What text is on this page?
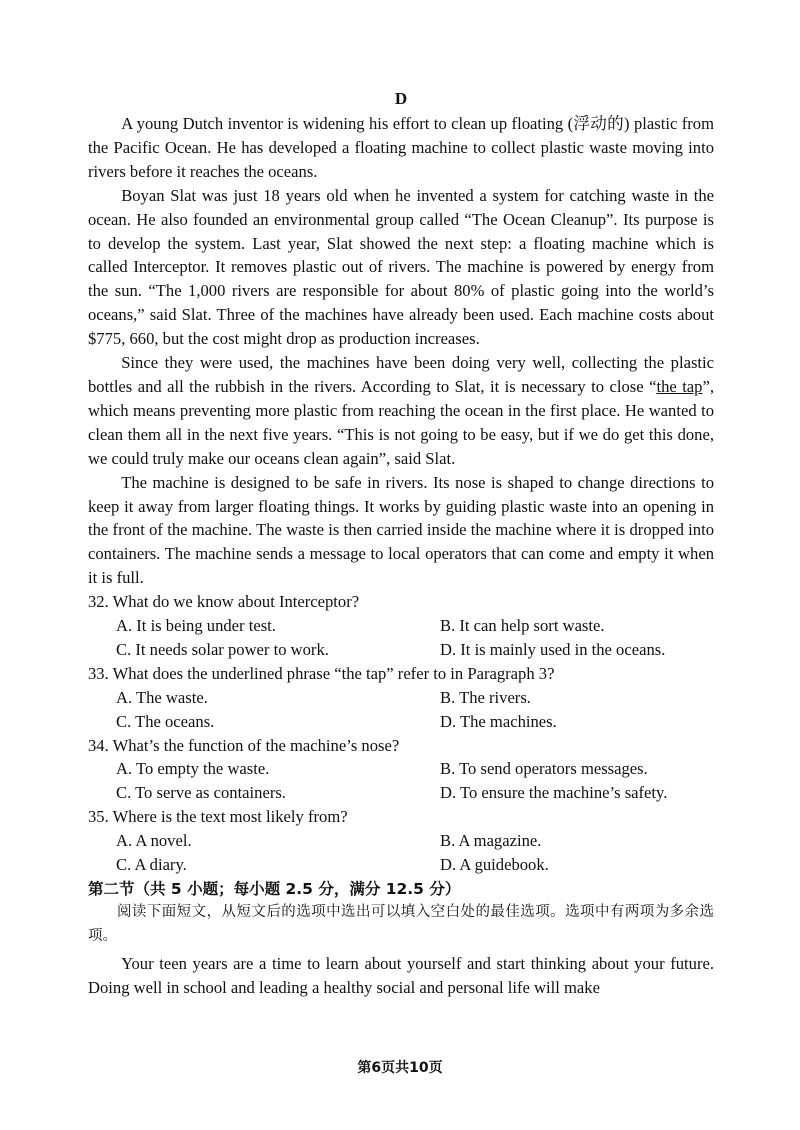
D

A young Dutch inventor is widening his effort to clean up floating (浮动的) plastic from the Pacific Ocean. He has developed a floating machine to collect plastic waste moving into rivers before it reaches the oceans.

Boyan Slat was just 18 years old when he invented a system for catching waste in the ocean. He also founded an environmental group called “The Ocean Cleanup”. Its purpose is to develop the system. Last year, Slat showed the next step: a floating machine which is called Interceptor. It removes plastic out of rivers. The machine is powered by energy from the sun. “The 1,000 rivers are responsible for about 80% of plastic going into the world’s oceans,” said Slat. Three of the machines have already been used. Each machine costs about $775, 660, but the cost might drop as production increases.

Since they were used, the machines have been doing very well, collecting the plastic bottles and all the rubbish in the rivers. According to Slat, it is necessary to close “the tap”, which means preventing more plastic from reaching the ocean in the first place. He wanted to clean them all in the next five years. “This is not going to be easy, but if we do get this done, we could truly make our oceans clean again”, said Slat.

The machine is designed to be safe in rivers. Its nose is shaped to change directions to keep it away from larger floating things. It works by guiding plastic waste into an opening in the front of the machine. The waste is then carried inside the machine where it is dropped into containers. The machine sends a message to local operators that can come and empty it when it is full.

32. What do we know about Interceptor?

A. It is being under test.	B. It can help sort waste.
C. It needs solar power to work.	D. It is mainly used in the oceans.

33. What does the underlined phrase “the tap” refer to in Paragraph 3?

A. The waste.	B. The rivers.
C. The oceans.	D. The machines.

34. What’s the function of the machine’s nose?

A. To empty the waste.	B. To send operators messages.
C. To serve as containers.	D. To ensure the machine’s safety.

35. Where is the text most likely from?

A. A novel.	B. A magazine.
C. A diary.	D. A guidebook.

第二节（共 5 小题；每小题 2.5 分，满分 12.5 分）

阅读下面短文，从短文后的选项中选出可以填入空白处的最佳选项。选项中有两项为多余选项。

Your teen years are a time to learn about yourself and start thinking about your future. Doing well in school and leading a healthy social and personal life will make

第6页共10页
